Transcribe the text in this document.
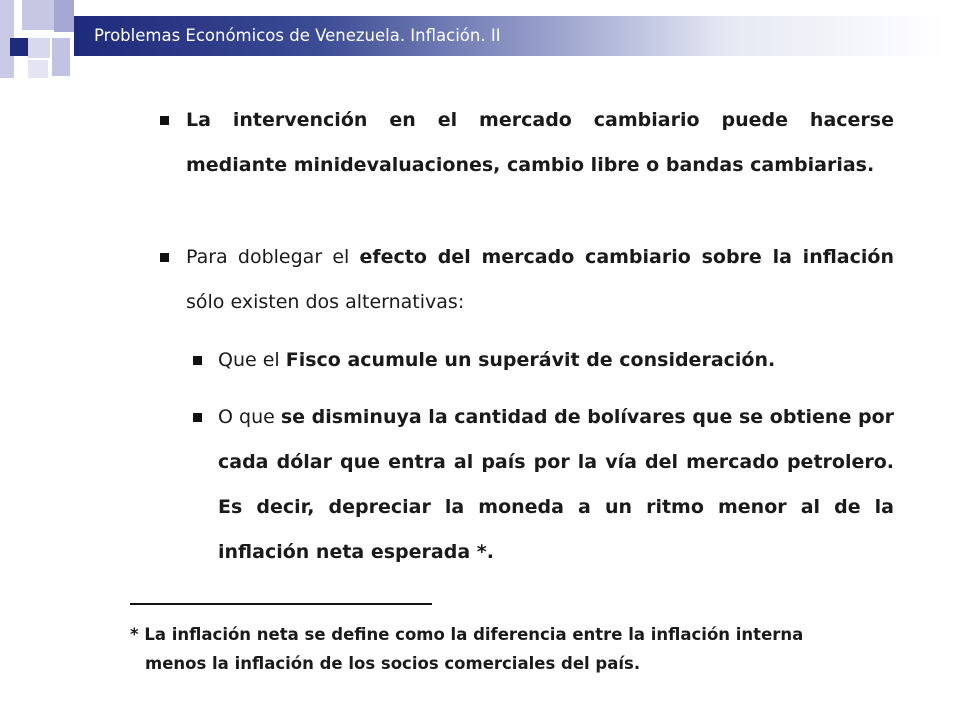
Problemas Económicos de Venezuela. Inflación. II
La intervención en el mercado cambiario puede hacerse mediante minidevaluaciones, cambio libre o bandas cambiarias.
Para doblegar el efecto del mercado cambiario sobre la inflación sólo existen dos alternativas:
Que el Fisco acumule un superávit de consideración.
O que se disminuya la cantidad de bolívares que se obtiene por cada dólar que entra al país por la vía del mercado petrolero. Es decir, depreciar la moneda a un ritmo menor al de la inflación neta esperada *.
* La inflación neta se define como la diferencia entre la inflación interna
menos la inflación de los socios comerciales del país.
